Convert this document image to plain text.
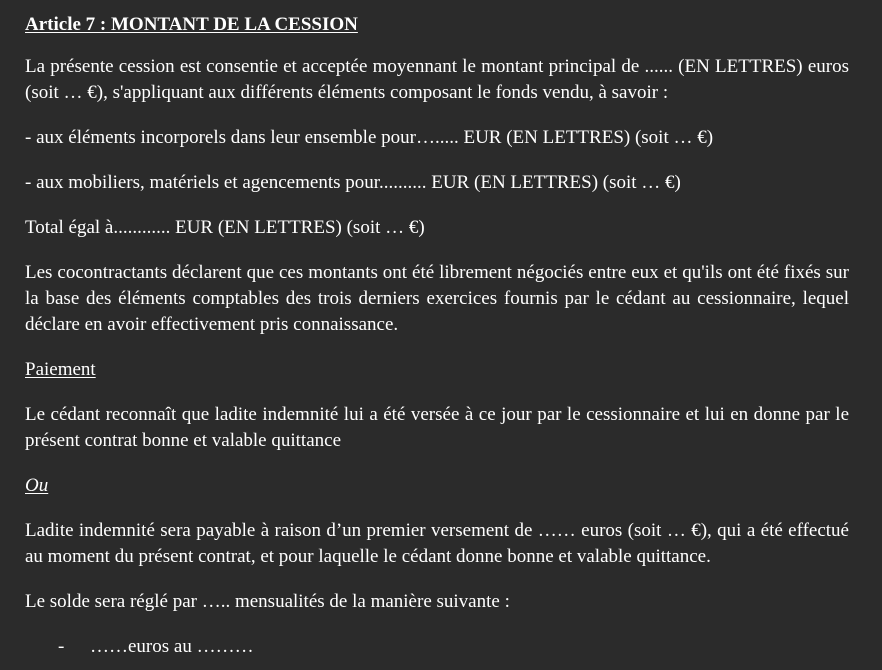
Article 7 : MONTANT DE LA CESSION

La présente cession est consentie et acceptée moyennant le montant principal de ...... (EN LETTRES) euros (soit … €), s'appliquant aux différents éléments composant le fonds vendu, à savoir :

- aux éléments incorporels dans leur ensemble pour…..... EUR (EN LETTRES) (soit … €)

- aux mobiliers, matériels et agencements pour.......... EUR (EN LETTRES) (soit … €)

Total égal à............ EUR (EN LETTRES) (soit … €)

Les cocontractants déclarent que ces montants ont été librement négociés entre eux et qu'ils ont été fixés sur la base des éléments comptables des trois derniers exercices fournis par le cédant au cessionnaire, lequel déclare en avoir effectivement pris connaissance.

Paiement

Le cédant reconnaît que ladite indemnité lui a été versée à ce jour par le cessionnaire et lui en donne par le présent contrat bonne et valable quittance

Ou

Ladite indemnité sera payable à raison d’un premier versement de …… euros (soit … €), qui a été effectué au moment du présent contrat, et pour laquelle le cédant donne bonne et valable quittance.

Le solde sera réglé par ….. mensualités de la manière suivante :

-	……euros au ………
